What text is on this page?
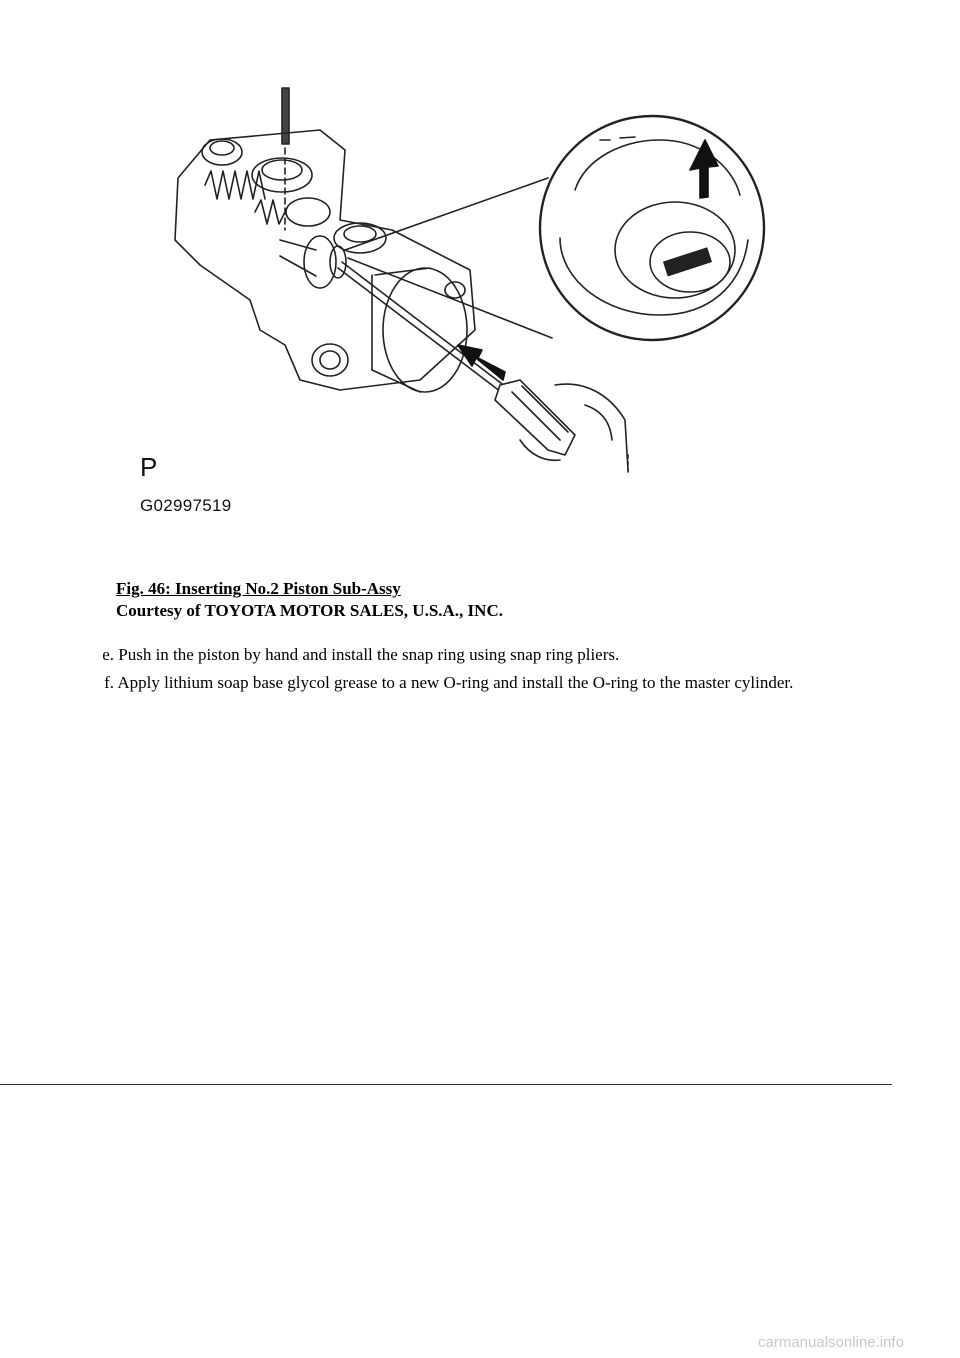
P
G02997519
Fig. 46: Inserting No.2 Piston Sub-Assy
Courtesy of TOYOTA MOTOR SALES, U.S.A., INC.
e. Push in the piston by hand and install the snap ring using snap ring pliers.
f. Apply lithium soap base glycol grease to a new O-ring and install the O-ring to the master cylinder.
carmanualsonline.info
